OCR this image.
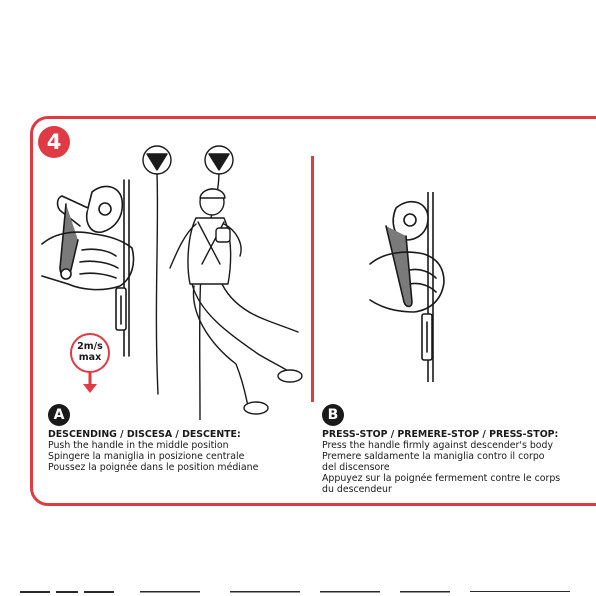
4
2m/s
max
A
DESCENDING / DISCESA / DESCENTE:
Push the handle in the middle position
Spingere la maniglia in posizione centrale
Poussez la poignée dans le position médiane
B
PRESS-STOP / PREMERE-STOP / PRESS-STOP:
Press the handle firmly against descender's body
Premere saldamente la maniglia contro il corpo
del discensore
Appuyez sur la poignée fermement contre le corps
du descendeur
